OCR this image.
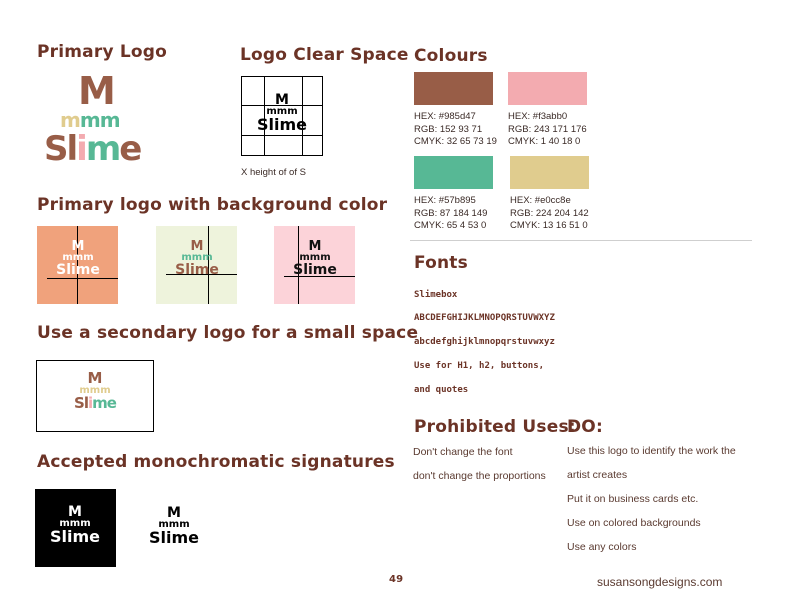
Primary Logo
M
mmm
Slime
Primary logo with background color
M
mmm
Slime
M
mmm
Slime
M
mmm
Slime
Use a secondary logo for a small space
M
mmm
Slime
Accepted monochromatic signatures
M
mmm
Slime
M
mmm
Slime
Logo Clear Space
M
mmm
Slime
X height of of S
Colours
HEX: #985d47
RGB: 152 93 71
CMYK: 32 65 73 19
HEX: #f3abb0
RGB: 243 171 176
CMYK: 1 40 18 0
HEX: #57b895
RGB: 87 184 149
CMYK: 65 4 53 0
HEX: #e0cc8e
RGB: 224 204 142
CMYK: 13 16 51 0
Fonts
Slimebox
ABCDEFGHIJKLMNOPQRSTUVWXYZ
abcdefghijklmnopqrstuvwxyz
Use for H1, h2, buttons,
and quotes
Prohibited Uses:
Don't change the font
don't change the proportions
DO:
Use this logo to identify the work the
artist creates
Put it on business cards etc.
Use on colored backgrounds
Use any colors
49	susansongdesigns.com
